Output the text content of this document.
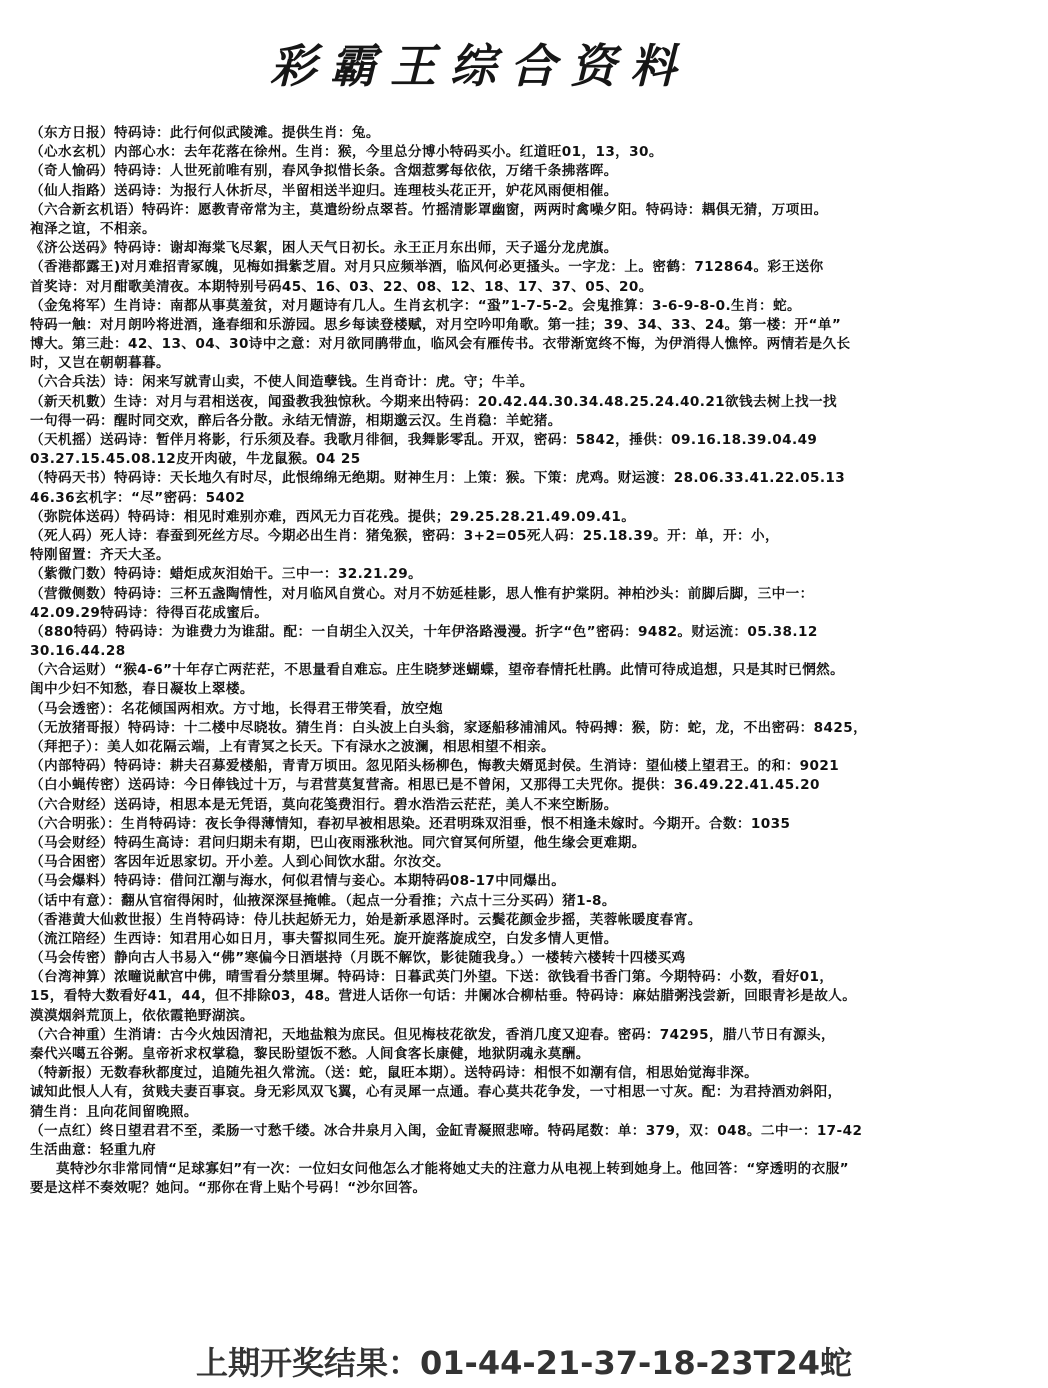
彩霸王综合资料
（东方日报）特码诗：此行何似武陵滩。提供生肖：兔。
（心水玄机）内部心水：去年花落在徐州。生肖：猴，今里总分博小特码买小。红道旺01，13，30。
（奇人愉码）特码诗：人世死前唯有别，春风争拟惜长条。含烟惹雾每依依，万绪千条拂落晖。
（仙人指路）送码诗：为报行人休折尽，半留相送半迎归。连理枝头花正开，妒花风雨便相催。
（六合新玄机语）特码许：愿教青帝常为主，莫遣纷纷点翠苔。竹摇清影罩幽窗，两两时禽噪夕阳。特码诗：耦俱无猜，万项田。
袍泽之谊，不相亲。
《济公送码》特码诗：谢却海棠飞尽絮，困人天气日初长。永王正月东出师，天子遥分龙虎旗。
（香港都露王)对月难招青冢魄，见梅如揖紫芝眉。对月只应频举酒，临风何必更搔头。一字龙：上。密鹤：712864。彩王送你
首奖诗：对月酣歌美清夜。本期特别号码45、16、03、22、08、12、18、17、37、05、20。
（金兔将军）生肖诗：南都从事莫羞贫，对月题诗有几人。生肖玄机字：“蛩”1-7-5-2。会鬼推算：3-6-9-8-0.生肖：蛇。
特码一触：对月朗吟将进酒，逢春细和乐游园。思乡每读登楼赋，对月空吟叩角歌。第一挂；39、34、33、24。第一楼：开“单”
博大。第三赴：42、13、04、30诗中之意：对月欲同鹃带血，临风会有雁传书。衣带渐宽终不悔，为伊消得人憔悴。两情若是久长
时，又岂在朝朝暮暮。
（六合兵法）诗：闲来写就青山卖，不使人间造孽钱。生肖奇计：虎。守；牛羊。
（新天机數）生诗：对月与君相送夜，闻蛩教我独惊秋。今期来出特码：20.42.44.30.34.48.25.24.40.21欲钱去树上找一找
一句得一码：醒时同交欢，醉后各分散。永结无情游，相期邈云汉。生肖稳：羊蛇猪。
（天机摇）送码诗：暂伴月将影，行乐须及春。我歌月徘徊，我舞影零乱。开双，密码：5842，捶供：09.16.18.39.04.49
03.27.15.45.08.12皮开肉破，牛龙鼠猴。04 25
（特码天书）特码诗：天长地久有时尽，此恨绵绵无绝期。财神生月：上策：猴。下策：虎鸡。财运渡：28.06.33.41.22.05.13
46.36玄机字：“尽”密码：5402
（弥院体送码）特码诗：相见时难别亦难，西风无力百花残。提供；29.25.28.21.49.09.41。
（死人码）死人诗：春蚕到死丝方尽。今期必出生肖：猪兔猴，密码：3+2=05死人码：25.18.39。开：单，开：小，
特刚留置：齐天大圣。
（紫微门数）特码诗：蜡炬成灰泪始干。三中一：32.21.29。
（营微侧数）特码诗：三杯五盏陶情性，对月临风自赏心。对月不妨延桂影，思人惟有护棠阴。神柏沙头：前脚后脚，三中一：
42.09.29特码诗：待得百花成蜜后。
（880特码）特码诗：为谁费力为谁甜。配：一自胡尘入汉关，十年伊洛路漫漫。折字“色”密码：9482。财运流：05.38.12
30.16.44.28
（六合运财）“猴4-6”十年存亡两茫茫，不思量看自难忘。庄生晓梦迷蝴蝶，望帝春情托杜鹃。此情可待成追想，只是其时已惘然。
闺中少妇不知愁，春日凝妆上翠楼。
（马会透密）：名花倾国两相欢。方寸地，长得君王带笑看，放空炮
（无放猪哥报）特码诗：十二楼中尽晓妆。猜生肖：白头波上白头翁，家逐船移浦浦风。特码搏：猴，防：蛇，龙，不出密码：8425，
（拜把子）：美人如花隔云端，上有青冥之长天。下有渌水之波澜，相思相望不相亲。
（内部特码）特码诗：耕夫召募爱楼船，青青万顷田。忽见陌头杨柳色，悔教夫婿觅封侯。生消诗：望仙楼上望君王。的和：9021
（白小蝇传密）送码诗：今日俸钱过十万，与君营莫复营斋。相思已是不曾闲，又那得工夫咒你。提供：36.49.22.41.45.20
（六合财经）送码诗，相思本是无凭语，莫向花笺费泪行。碧水浩浩云茫茫，美人不来空断肠。
（六合明张）：生肖特码诗：夜长争得薄情知，春初早被相思染。还君明珠双泪垂，恨不相逢未嫁时。今期开。合数：1035
（马会财经）特码生高诗：君问归期未有期，巴山夜雨涨秋池。同穴窅冥何所望，他生缘会更难期。
（马合困密）客因年近思家切。开小差。人到心间饮水甜。尔汝交。
（马会爆料）特码诗：借问江潮与海水，何似君情与妾心。本期特码08-17中同爆出。
（话中有意）：翻从官宿得闲时，仙掖深深昼掩帷。（起点一分看推；六点十三分买码）猪1-8。
（香港黄大仙救世报）生肖特码诗：侍儿扶起娇无力，始是新承恩泽时。云鬓花颜金步摇，芙蓉帐暖度春宵。
（流江陪经）生西诗：知君用心如日月，事夫誓拟同生死。旋开旋落旋成空，白发多情人更惜。
（马会传密）静向古人书易入“佛”寒偏今日酒堪持（月既不解饮，影徒随我身。）一楼转六楼转十四楼买鸡
（台湾神算）浓疃说献宫中佛，晴雪看分禁里墀。特码诗：日暮武英门外望。下送：欲钱看书香门第。今期特码：小数，看好01，
15，看特大数看好41，44，但不排除03，48。营进人话你一句话：井阑冰合柳枯垂。特码诗：麻姑腊粥浅尝新，回眼青衫是故人。
漠漠烟斜荒顶上，依依霞艳野湖滨。
（六合神重）生消请：古今火烛因清祀，天地盐粮为庶民。但见梅枝花欲发，香消几度又迎春。密码：74295，腊八节日有源头，
秦代兴噶五谷粥。皇帝祈求权掌稳，黎民盼望饭不愁。人间食客长康健，地狱阴魂永莫酬。
（特新报）无数春秋都度过，追随先祖久常流。（送：蛇，鼠旺本期）。送特码诗：相恨不如潮有信，相思始觉海非深。
诚知此恨人人有，贫贱夫妻百事哀。身无彩凤双飞翼，心有灵犀一点通。春心莫共花争发，一寸相思一寸灰。配：为君持酒劝斜阳，
猜生肖：且向花间留晚照。
（一点红）终日望君君不至，柔肠一寸愁千缕。冰合井泉月入闺，金缸青凝照悲啼。特码尾数：单：379，双：048。二中一：17-42
生活曲意：轻重九府
莫特沙尔非常同情“足球寡妇”有一次：一位妇女问他怎么才能将她丈夫的注意力从电视上转到她身上。他回答：“穿透明的衣服”
要是这样不奏效呢？她问。“那你在背上贴个号码！“沙尔回答。
上期开奖结果：01-44-21-37-18-23T24蛇
